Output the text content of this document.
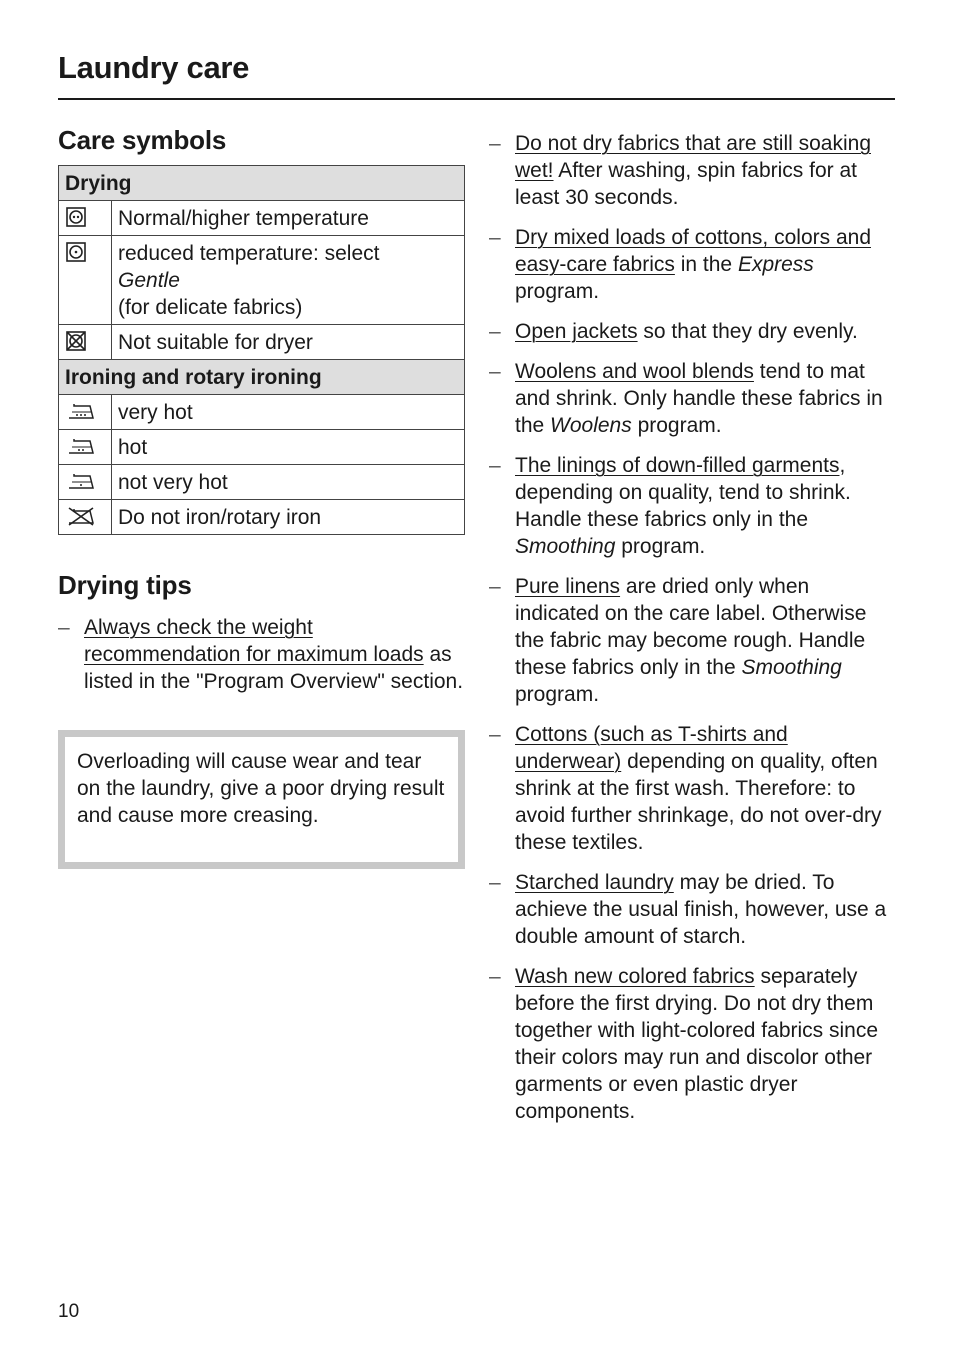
Laundry care
Care symbols
Drying	

	Normal/higher temperature

reduced temperature: select
Gentle
(for delicate fabrics)

	Not suitable for dryer
Ironing and rotary ironing	

	very hot

	hot

	not very hot

	Do not iron/rotary iron
Drying tips
– Always check the weight recommendation for maximum loads as listed in the "Program Overview" section.
Overloading will cause wear and tear on the laundry, give a poor drying result and cause more creasing.
– Do not dry fabrics that are still soaking wet! After washing, spin fabrics for at least 30 seconds.
– Dry mixed loads of cottons, colors and easy-care fabrics in the Express program.
– Open jackets so that they dry evenly.
– Woolens and wool blends tend to mat and shrink. Only handle these fabrics in the Woolens program.
– The linings of down-filled garments, depending on quality, tend to shrink. Handle these fabrics only in the Smoothing program.
– Pure linens are dried only when indicated on the care label. Otherwise the fabric may become rough. Handle these fabrics only in the Smoothing program.
– Cottons (such as T-shirts and underwear) depending on quality, often shrink at the first wash. Therefore: to avoid further shrinkage, do not over-dry these textiles.
– Starched laundry may be dried. To achieve the usual finish, however, use a double amount of starch.
– Wash new colored fabrics separately before the first drying. Do not dry them together with light-colored fabrics since their colors may run and discolor other garments or even plastic dryer components.
10
